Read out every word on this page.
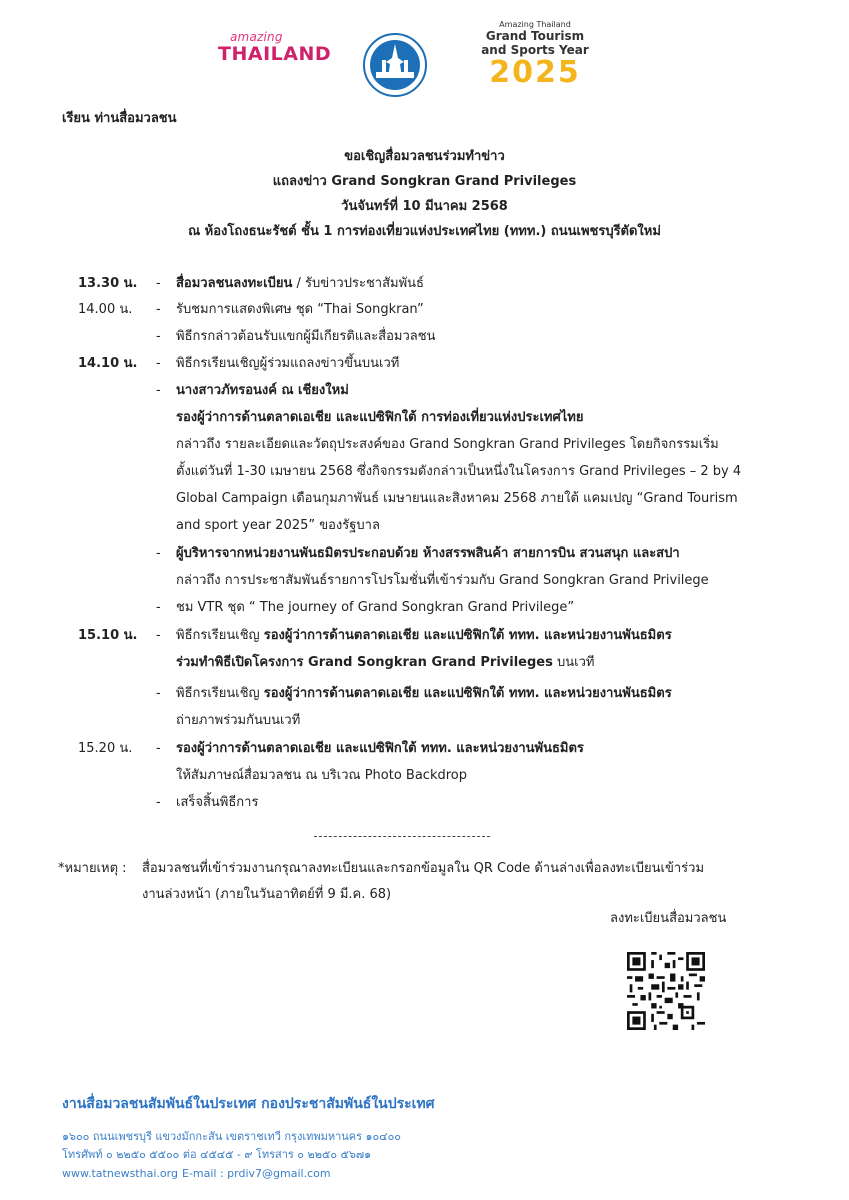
amazing
THAILAND
Amazing Thailand
Grand Tourism
and Sports Year
2025
เรียน ท่านสื่อมวลชน
ขอเชิญสื่อมวลชนร่วมทำข่าว
แถลงข่าว Grand Songkran Grand Privileges
วันจันทร์ที่ 10 มีนาคม 2568
ณ ห้องโถงธนะรัชต์ ชั้น 1 การท่องเที่ยวแห่งประเทศไทย (ททท.) ถนนเพชรบุรีตัดใหม่
13.30 น.	- สื่อมวลชนลงทะเบียน / รับข่าวประชาสัมพันธ์
14.00 น.	- รับชมการแสดงพิเศษ ชุด “Thai Songkran”
- พิธีกรกล่าวต้อนรับแขกผู้มีเกียรติและสื่อมวลชน
14.10 น.	- พิธีกรเรียนเชิญผู้ร่วมแถลงข่าวขึ้นบนเวที
- นางสาวภัทรอนงค์ ณ เชียงใหม่
รองผู้ว่าการด้านตลาดเอเชีย และแปซิฟิกใต้ การท่องเที่ยวแห่งประเทศไทย
กล่าวถึง รายละเอียดและวัตถุประสงค์ของ Grand Songkran Grand Privileges โดยกิจกรรมเริ่ม
ตั้งแต่วันที่ 1-30 เมษายน 2568 ซึ่งกิจกรรมดังกล่าวเป็นหนึ่งในโครงการ Grand Privileges – 2 by 4
Global Campaign เดือนกุมภาพันธ์ เมษายนและสิงหาคม 2568 ภายใต้ แคมเปญ “Grand Tourism
and sport year 2025” ของรัฐบาล
- ผู้บริหารจากหน่วยงานพันธมิตรประกอบด้วย ห้างสรรพสินค้า สายการบิน สวนสนุก และสปา
กล่าวถึง การประชาสัมพันธ์รายการโปรโมชั่นที่เข้าร่วมกับ Grand Songkran Grand Privilege
- ชม VTR ชุด “ The journey of Grand Songkran Grand Privilege”
15.10 น.	- พิธีกรเรียนเชิญ รองผู้ว่าการด้านตลาดเอเชีย และแปซิฟิกใต้ ททท. และหน่วยงานพันธมิตร
ร่วมทำพิธีเปิดโครงการ Grand Songkran Grand Privileges บนเวที
- พิธีกรเรียนเชิญ รองผู้ว่าการด้านตลาดเอเชีย และแปซิฟิกใต้ ททท. และหน่วยงานพันธมิตร
ถ่ายภาพร่วมกันบนเวที
15.20 น.	- รองผู้ว่าการด้านตลาดเอเชีย และแปซิฟิกใต้ ททท. และหน่วยงานพันธมิตร
ให้สัมภาษณ์สื่อมวลชน ณ บริเวณ Photo Backdrop
- เสร็จสิ้นพิธีการ
*หมายเหตุ : สื่อมวลชนที่เข้าร่วมงานกรุณาลงทะเบียนและกรอกข้อมูลใน QR Code ด้านล่างเพื่อลงทะเบียนเข้าร่วม
งานล่วงหน้า (ภายในวันอาทิตย์ที่ 9 มี.ค. 68)
ลงทะเบียนสื่อมวลชน
งานสื่อมวลชนสัมพันธ์ในประเทศ กองประชาสัมพันธ์ในประเทศ
๑๖๐๐ ถนนเพชรบุรี แขวงมักกะสัน เขตราชเทวี กรุงเทพมหานคร ๑๐๔๐๐
โทรศัพท์ ๐ ๒๒๕๐ ๕๕๐๐ ต่อ ๔๕๔๕ - ๙ โทรสาร ๐ ๒๒๕๐ ๕๖๗๑
www.tatnewsthai.org E-mail : prdiv7@gmail.com
